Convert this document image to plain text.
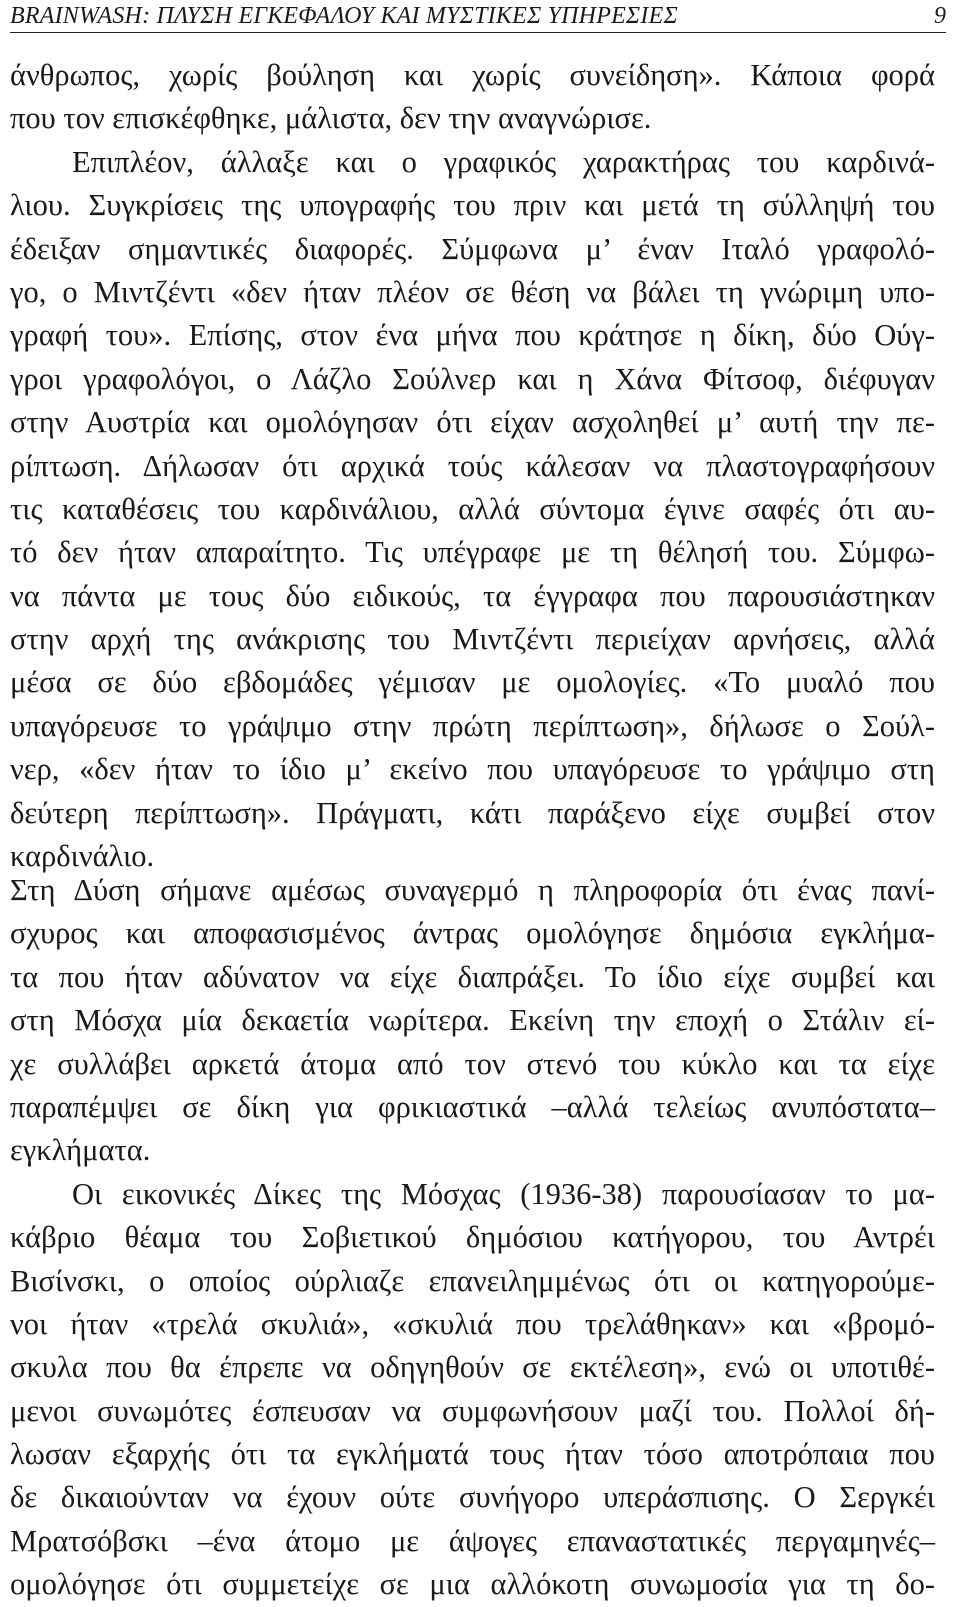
BRAINWASH: ΠΛΥΣΗ ΕΓΚΕΦΑΛΟΥ ΚΑΙ ΜΥΣΤΙΚΕΣ ΥΠΗΡΕΣΙΕΣ	9
άνθρωπος, χωρίς βούληση και χωρίς συνείδηση». Κάποια φορά
που τον επισκέφθηκε, μάλιστα, δεν την αναγνώρισε.
Επιπλέον, άλλαξε και ο γραφικός χαρακτήρας του καρδινά-
λιου. Συγκρίσεις της υπογραφής του πριν και μετά τη σύλληψή του
έδειξαν σημαντικές διαφορές. Σύμφωνα μ’ έναν Ιταλό γραφολό-
γο, ο Μιντζέντι «δεν ήταν πλέον σε θέση να βάλει τη γνώριμη υπο-
γραφή του». Επίσης, στον ένα μήνα που κράτησε η δίκη, δύο Ούγ-
γροι γραφολόγοι, ο Λάζλο Σούλνερ και η Χάνα Φίτσοφ, διέφυγαν
στην Αυστρία και ομολόγησαν ότι είχαν ασχοληθεί μ’ αυτή την πε-
ρίπτωση. Δήλωσαν ότι αρχικά τούς κάλεσαν να πλαστογραφήσουν
τις καταθέσεις του καρδινάλιου, αλλά σύντομα έγινε σαφές ότι αυ-
τό δεν ήταν απαραίτητο. Τις υπέγραφε με τη θέλησή του. Σύμφω-
να πάντα με τους δύο ειδικούς, τα έγγραφα που παρουσιάστηκαν
στην αρχή της ανάκρισης του Μιντζέντι περιείχαν αρνήσεις, αλλά
μέσα σε δύο εβδομάδες γέμισαν με ομολογίες. «Το μυαλό που
υπαγόρευσε το γράψιμο στην πρώτη περίπτωση», δήλωσε ο Σούλ-
νερ, «δεν ήταν το ίδιο μ’ εκείνο που υπαγόρευσε το γράψιμο στη
δεύτερη περίπτωση». Πράγματι, κάτι παράξενο είχε συμβεί στον
καρδινάλιο.
Στη Δύση σήμανε αμέσως συναγερμό η πληροφορία ότι ένας πανί-
σχυρος και αποφασισμένος άντρας ομολόγησε δημόσια εγκλήμα-
τα που ήταν αδύνατον να είχε διαπράξει. Το ίδιο είχε συμβεί και
στη Μόσχα μία δεκαετία νωρίτερα. Εκείνη την εποχή ο Στάλιν εί-
χε συλλάβει αρκετά άτομα από τον στενό του κύκλο και τα είχε
παραπέμψει σε δίκη για φρικιαστικά –αλλά τελείως ανυπόστατα–
εγκλήματα.
Οι εικονικές Δίκες της Μόσχας (1936-38) παρουσίασαν το μα-
κάβριο θέαμα του Σοβιετικού δημόσιου κατήγορου, του Αντρέι
Βισίνσκι, ο οποίος ούρλιαζε επανειλημμένως ότι οι κατηγορούμε-
νοι ήταν «τρελά σκυλιά», «σκυλιά που τρελάθηκαν» και «βρομό-
σκυλα που θα έπρεπε να οδηγηθούν σε εκτέλεση», ενώ οι υποτιθέ-
μενοι συνωμότες έσπευσαν να συμφωνήσουν μαζί του. Πολλοί δή-
λωσαν εξαρχής ότι τα εγκλήματά τους ήταν τόσο αποτρόπαια που
δε δικαιούνταν να έχουν ούτε συνήγορο υπεράσπισης. Ο Σεργκέι
Μρατσόβσκι –ένα άτομο με άψογες επαναστατικές περγαμηνές–
ομολόγησε ότι συμμετείχε σε μια αλλόκοτη συνωμοσία για τη δο-
